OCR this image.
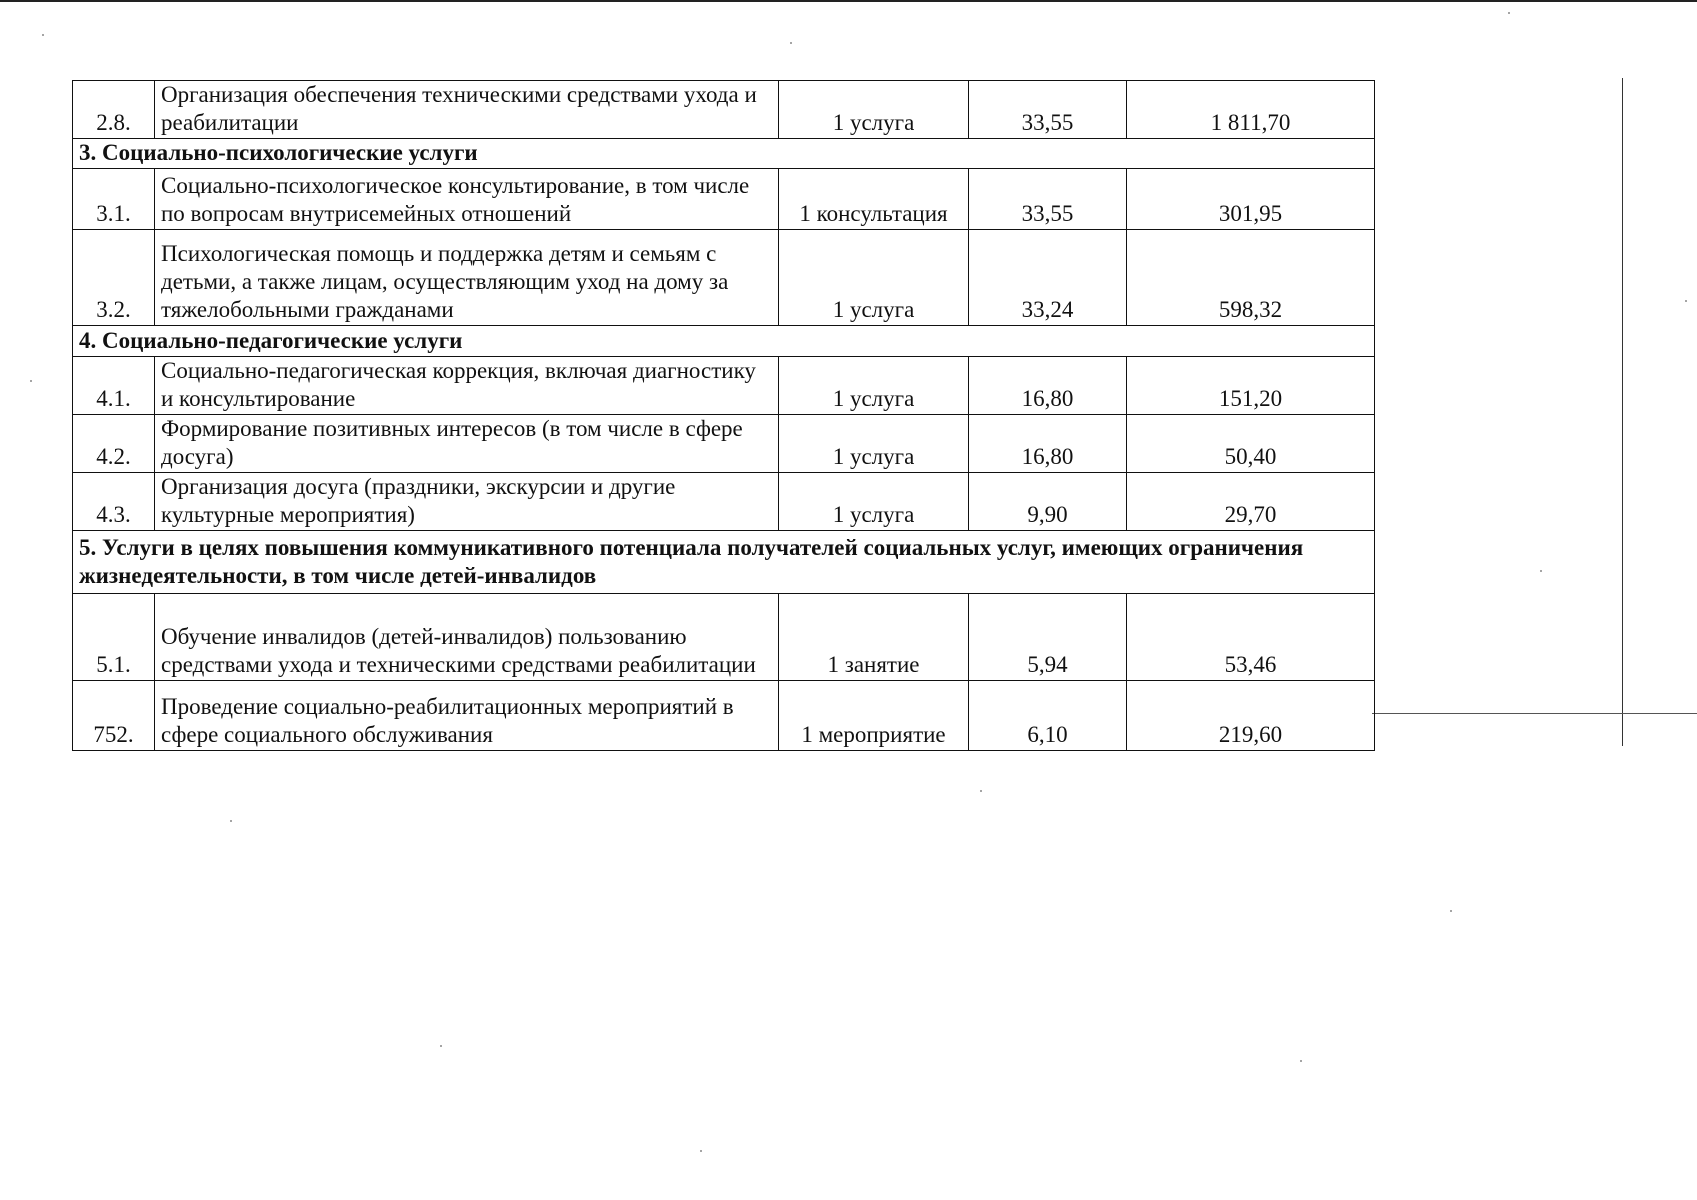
2.8.	Организация обеспечения техническими средствами ухода и реабилитации	1 услуга	33,55	1 811,70
3. Социально-психологические услуги				
3.1.	Социально-психологическое консультирование, в том числе по вопросам внутрисемейных отношений	1 консультация	33,55	301,95
3.2.	Психологическая помощь и поддержка детям и семьям с детьми, а также лицам, осуществляющим уход на дому за тяжелобольными гражданами	1 услуга	33,24	598,32
4. Социально-педагогические услуги				
4.1.	Социально-педагогическая коррекция, включая диагностику и консультирование	1 услуга	16,80	151,20
4.2.	Формирование позитивных интересов (в том числе в сфере досуга)	1 услуга	16,80	50,40
4.3.	Организация досуга (праздники, экскурсии и другие культурные мероприятия)	1 услуга	9,90	29,70
5. Услуги в целях повышения коммуникативного потенциала получателей социальных услуг, имеющих ограничения жизнедеятельности, в том числе детей-инвалидов				
5.1.	Обучение инвалидов (детей-инвалидов) пользованию средствами ухода и техническими средствами реабилитации	1 занятие	5,94	53,46
752.	Проведение социально-реабилитационных мероприятий в сфере социального обслуживания	1 мероприятие	6,10	219,60
